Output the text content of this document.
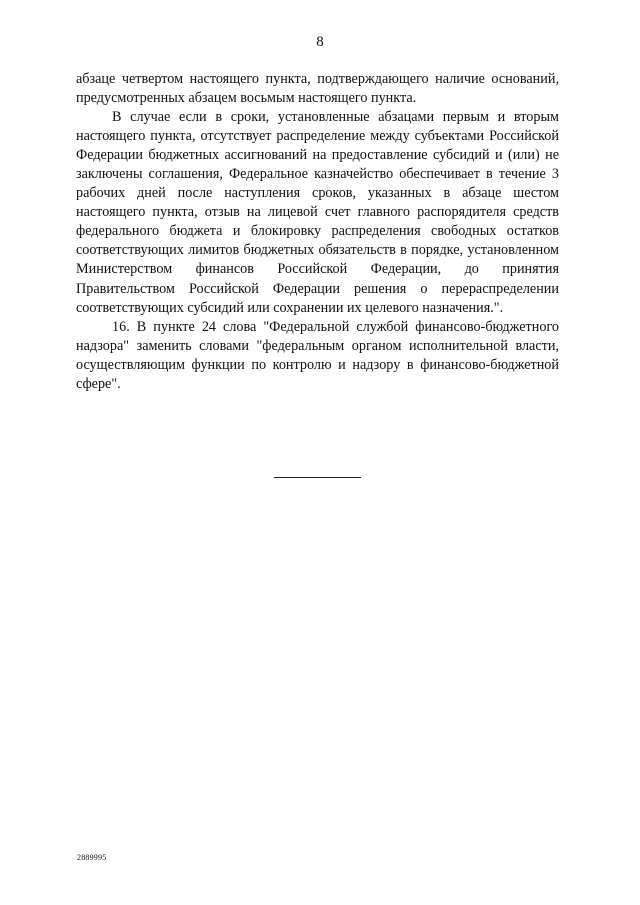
8

абзаце четвертом настоящего пункта, подтверждающего наличие оснований, предусмотренных абзацем восьмым настоящего пункта.

В случае если в сроки, установленные абзацами первым и вторым настоящего пункта, отсутствует распределение между субъектами Российской Федерации бюджетных ассигнований на предоставление субсидий и (или) не заключены соглашения, Федеральное казначейство обеспечивает в течение 3 рабочих дней после наступления сроков, указанных в абзаце шестом настоящего пункта, отзыв на лицевой счет главного распорядителя средств федерального бюджета и блокировку распределения свободных остатков соответствующих лимитов бюджетных обязательств в порядке, установленном Министерством финансов Российской Федерации, до принятия Правительством Российской Федерации решения о перераспределении соответствующих субсидий или сохранении их целевого назначения.".

16. В пункте 24 слова "Федеральной службой финансово-бюджетного надзора" заменить словами "федеральным органом исполнительной власти, осуществляющим функции по контролю и надзору в финансово-бюджетной сфере".

2889995
